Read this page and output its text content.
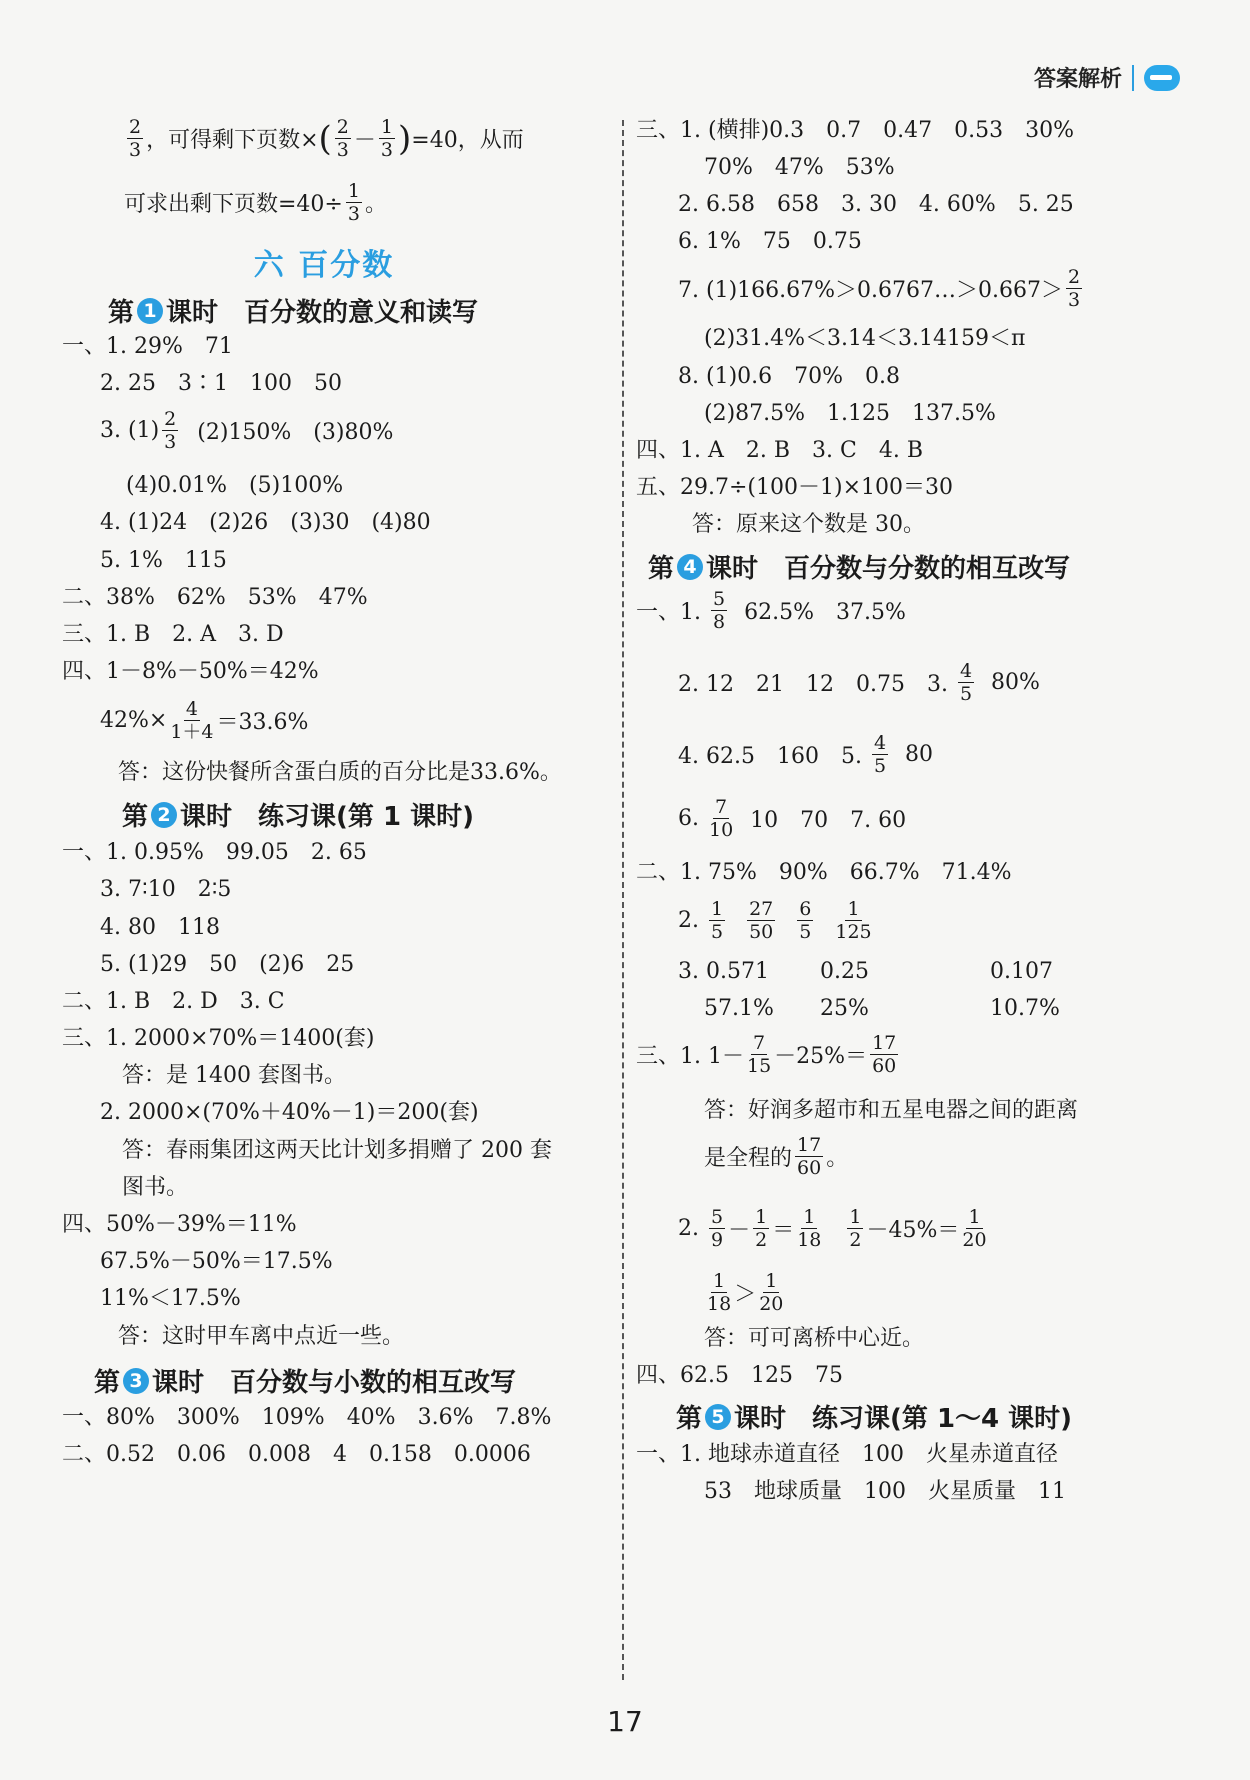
答案解析
$\frac{2}{3}$ ，可得剩下页数× ( $\frac{2}{3} - \frac{1}{3}$ ) =40，从而
可求出剩下页数$=40\div \frac{1}{3}$ 。
六 百分数
第 1 课时　百分数的意义和读写
一、1. 29%　71
2. 25　3∶1　100　50
3. $(1) \frac{2}{3} (2)150\%$　(3)80%
(4)0.01%　(5)100%
4. (1)24　(2)26　(3)30　(4)80
5. 1%　115
二、38%　62%　53%　47%
三、1. B　2. A　3. D
四、1－8%－50%＝42%
$42\%\times \frac{4}{1+4} =33.6\%$
答：这份快餐所含蛋白质的百分比是33.6%。
第 2 课时　练习课(第 1 课时)
一、1. 0.95%　99.05　2. 65
3. 7∶10　2∶5
4. 80　118
5. (1)29　50　(2)6　25
二、1. B　2. D　3. C
三、1. 2000×70%＝1400(套)
答：是 1400 套图书。
2. 2000×(70%＋40%－1)＝200(套)
答：春雨集团这两天比计划多捐赠了 200 套
图书。
四、50%－39%＝11%
67.5%－50%＝17.5%
11%＜17.5%
答：这时甲车离中点近一些。
第 3 课时　百分数与小数的相互改写
一、80%　300%　109%　40%　3.6%　7.8%
二、0.52　0.06　0.008　4　0.158　0.0006
三、1. (横排)0.3　0.7　0.47　0.53　30%
70%　47%　53%
2. 6.58　658　3. 30　4. 60%　5. 25
6. 1%　75　0.75
7. (1)166.67%＞0.6767…＞0.667＞ $\frac{2}{3}$
(2)31.4%＜3.14＜3.14159＜π
8. (1)0.6　70%　0.8
(2)87.5%　1.125　137.5%
四、1. A　2. B　3. C　4. B
五、29.7÷(100－1)×100＝30
答：原来这个数是 30。
第 4 课时　百分数与分数的相互改写
一、1. $\frac{5}{8} 62.5\%$　37.5%
2. 12　21　12　0.75　3. $\frac{4}{5} 80\%$
4. 62.5　160　5. $\frac{4}{5} 80$
6. $\frac{7}{10} 10$　70　7. 60
二、1. 75%　90%　66.7%　71.4%
2. $\frac{1}{5} \frac{27}{50} \frac{6}{5} \frac{1}{125}$
3. 0.571 0.25	0.107
57.1% 25%	10.7%
三、1. $1- \frac{7}{15} -25\%= \frac{17}{60}$
答：好润多超市和五星电器之间的距离
是全程的 $\frac{17}{60}$ 。
2. $\frac{5}{9} - \frac{1}{2} = \frac{1}{18} \frac{1}{2} -45\%= \frac{1}{20}$
$\frac{1}{18} > \frac{1}{20}$
答：可可离桥中心近。
四、62.5　125　75
第 5 课时　练习课(第 1～4 课时)
一、1. 地球赤道直径　100　火星赤道直径
53　地球质量　100　火星质量　11
17
